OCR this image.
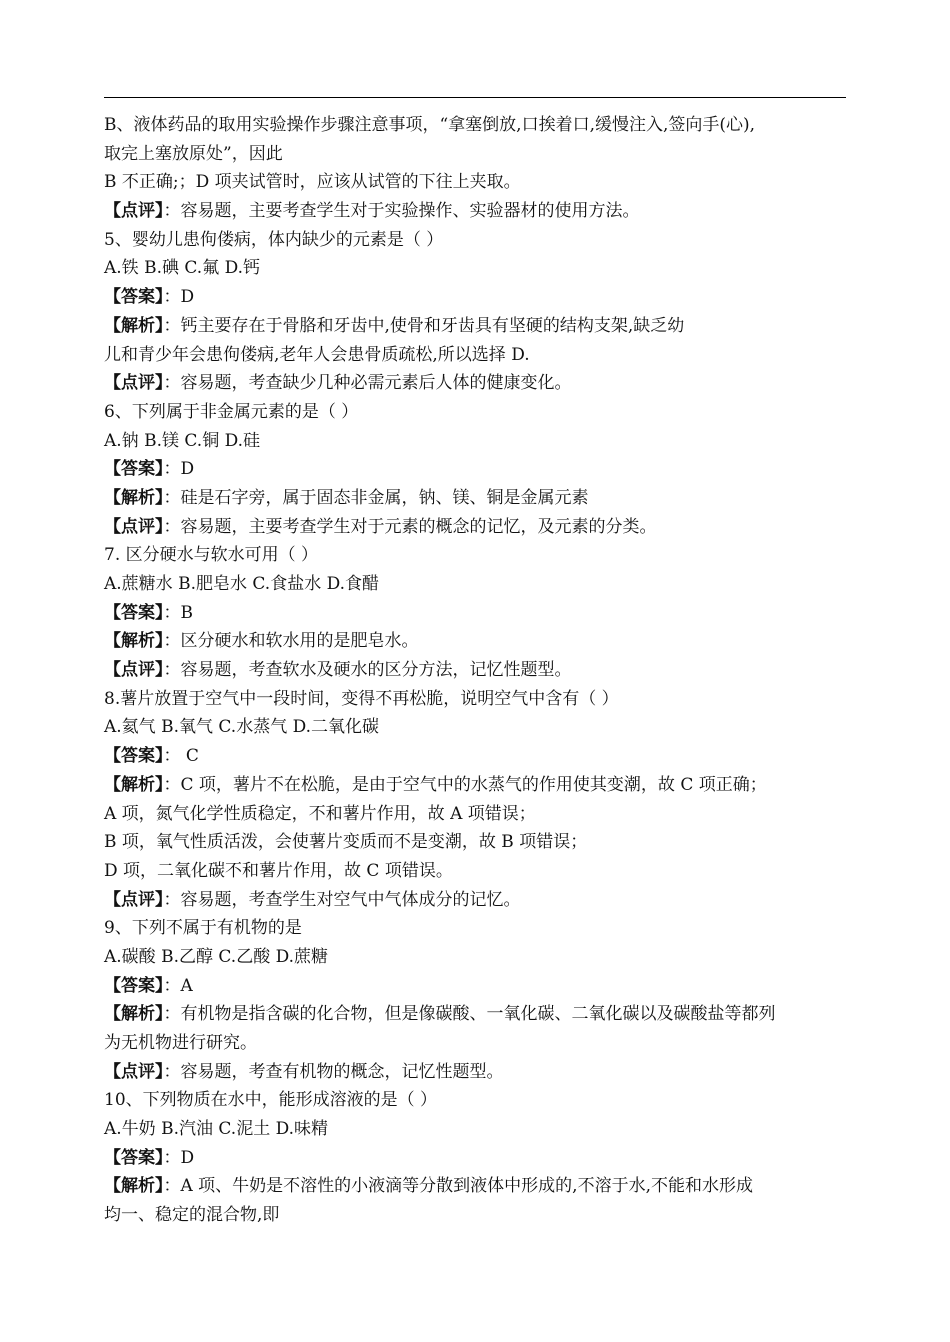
B、液体药品的取用实验操作步骤注意事项，“拿塞倒放,口挨着口,缓慢注入,签向手(心),
取完上塞放原处”，因此
B 不正确;；D 项夹试管时，应该从试管的下往上夹取。
【点评】：容易题，主要考查学生对于实验操作、实验器材的使用方法。
5、婴幼儿患佝偻病，体内缺少的元素是（ ）
A.铁 B.碘 C.氟 D.钙
【答案】：D
【解析】：钙主要存在于骨胳和牙齿中,使骨和牙齿具有坚硬的结构支架,缺乏幼
儿和青少年会患佝偻病,老年人会患骨质疏松,所以选择 D.
【点评】：容易题，考查缺少几种必需元素后人体的健康变化。
6、下列属于非金属元素的是（ ）
A.钠 B.镁 C.铜 D.硅
【答案】：D
【解析】：硅是石字旁，属于固态非金属，钠、镁、铜是金属元素
【点评】：容易题，主要考查学生对于元素的概念的记忆，及元素的分类。
7. 区分硬水与软水可用（ ）
A.蔗糖水 B.肥皂水 C.食盐水 D.食醋
【答案】：B
【解析】：区分硬水和软水用的是肥皂水。
【点评】：容易题，考查软水及硬水的区分方法，记忆性题型。
8.薯片放置于空气中一段时间，变得不再松脆，说明空气中含有（ ）
A.氦气 B.氧气 C.水蒸气 D.二氧化碳
【答案】： C
【解析】：C 项，薯片不在松脆，是由于空气中的水蒸气的作用使其变潮，故 C 项正确；
A 项，氮气化学性质稳定，不和薯片作用，故 A 项错误；
B 项，氧气性质活泼，会使薯片变质而不是变潮，故 B 项错误；
D 项，二氧化碳不和薯片作用，故 C 项错误。
【点评】：容易题，考查学生对空气中气体成分的记忆。
9、下列不属于有机物的是
A.碳酸 B.乙醇 C.乙酸 D.蔗糖
【答案】：A
【解析】：有机物是指含碳的化合物，但是像碳酸、一氧化碳、二氧化碳以及碳酸盐等都列
为无机物进行研究。
【点评】：容易题，考查有机物的概念，记忆性题型。
10、下列物质在水中，能形成溶液的是（ ）
A.牛奶 B.汽油 C.泥土 D.味精
【答案】：D
【解析】：A 项、牛奶是不溶性的小液滴等分散到液体中形成的,不溶于水,不能和水形成
均一、稳定的混合物,即
